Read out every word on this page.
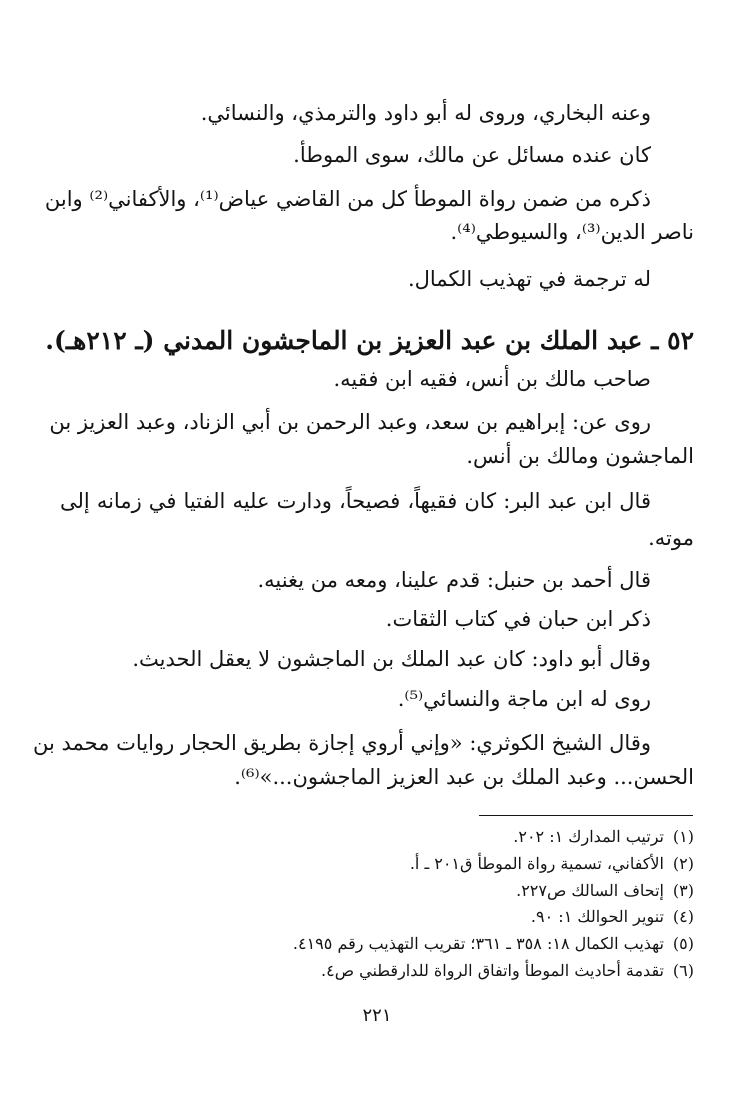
وعنه البخاري، وروى له أبو داود والترمذي، والنسائي.
كان عنده مسائل عن مالك، سوى الموطأ.
ذكره من ضمن رواة الموطأ كل من القاضي عياض⁽¹⁾، والأكفاني⁽²⁾ وابن
ناصر الدين⁽³⁾، والسيوطي⁽⁴⁾.
له ترجمة في تهذيب الكمال.
٥٢ ـ عبد الملك بن عبد العزيز بن الماجشون المدني (ـ ٢١٢هـ).
صاحب مالك بن أنس، فقيه ابن فقيه.
روى عن: إبراهيم بن سعد، وعبد الرحمن بن أبي الزناد، وعبد العزيز بن
الماجشون ومالك بن أنس.
قال ابن عبد البر: كان فقيهاً، فصيحاً، ودارت عليه الفتيا في زمانه إلى
موته.
قال أحمد بن حنبل: قدم علينا، ومعه من يغنيه.
ذكر ابن حبان في كتاب الثقات.
وقال أبو داود: كان عبد الملك بن الماجشون لا يعقل الحديث.
روى له ابن ماجة والنسائي⁽⁵⁾.
وقال الشيخ الكوثري: «وإني أروي إجازة بطريق الحجار روايات محمد بن
الحسن... وعبد الملك بن عبد العزيز الماجشون...»⁽⁶⁾.
(١)ترتيب المدارك ١: ٢٠٢.
(٢)الأكفاني، تسمية رواة الموطأ ق٢٠١ ـ أ.
(٣)إتحاف السالك ص٢٢٧.
(٤)تنوير الحوالك ١: ٩٠.
(٥)تهذيب الكمال ١٨: ٣٥٨ ـ ٣٦١؛ تقريب التهذيب رقم ٤١٩٥.
(٦)تقدمة أحاديث الموطأ واتفاق الرواة للدارقطني ص٤.
٢٢١
